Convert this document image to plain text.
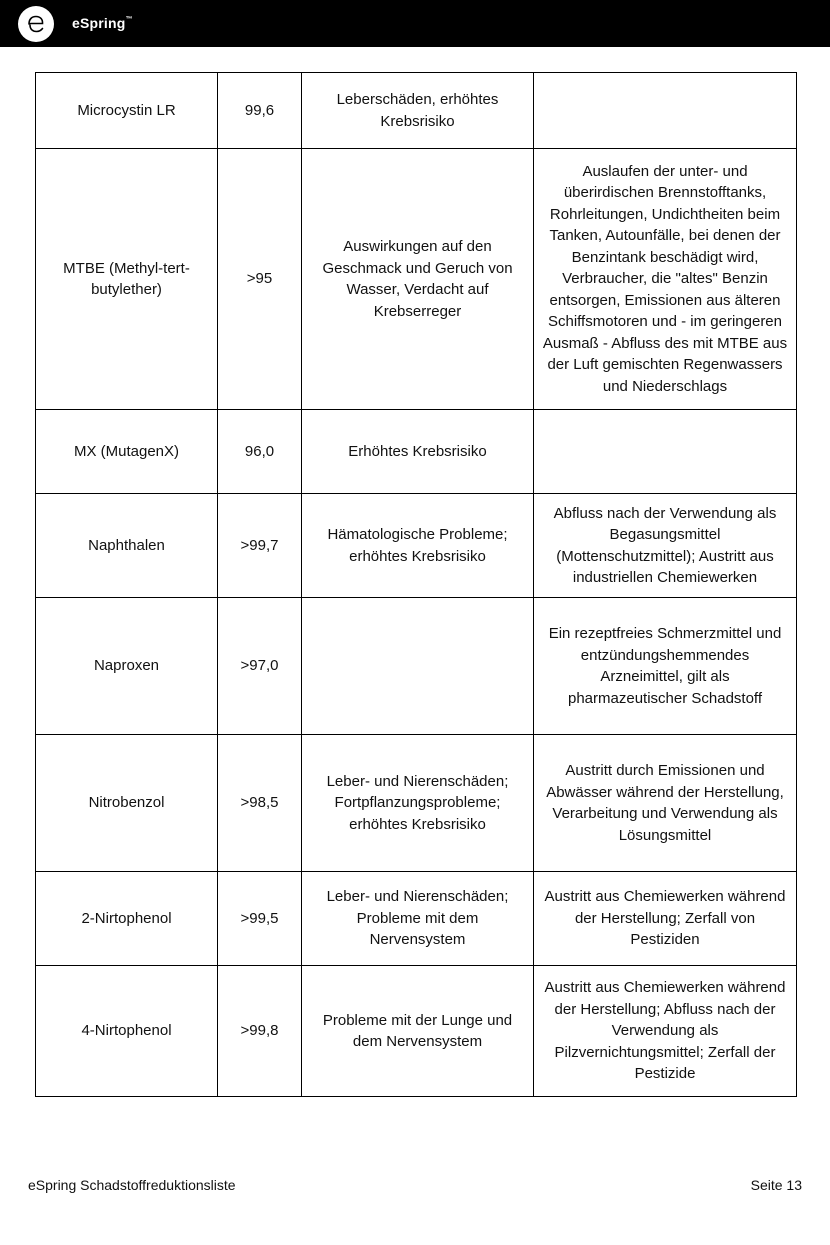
eSpring™
Microcystin LR	99,6	Leberschäden, erhöhtes Krebsrisiko	
MTBE (Methyl-tert-butylether)	>95	Auswirkungen auf den Geschmack und Geruch von Wasser, Verdacht auf Krebserreger	Auslaufen der unter- und überirdischen Brennstofftanks, Rohrleitungen, Undichtheiten beim Tanken, Autounfälle, bei denen der Benzintank beschädigt wird, Verbraucher, die "altes" Benzin entsorgen, Emissionen aus älteren Schiffsmotoren und - im geringeren Ausmaß - Abfluss des mit MTBE aus der Luft gemischten Regenwassers und Niederschlags
MX (MutagenX)	96,0	Erhöhtes Krebsrisiko	
Naphthalen	>99,7	Hämatologische Probleme; erhöhtes Krebsrisiko	Abfluss nach der Verwendung als Begasungsmittel (Mottenschutzmittel); Austritt aus industriellen Chemiewerken
Naproxen	>97,0		Ein rezeptfreies Schmerzmittel und entzündungshemmendes Arzneimittel, gilt als pharmazeutischer Schadstoff
Nitrobenzol	>98,5	Leber- und Nierenschäden; Fortpflanzungsprobleme; erhöhtes Krebsrisiko	Austritt durch Emissionen und Abwässer während der Herstellung, Verarbeitung und Verwendung als Lösungsmittel
2-Nirtophenol	>99,5	Leber- und Nierenschäden; Probleme mit dem Nervensystem	Austritt aus Chemiewerken während der Herstellung; Zerfall von Pestiziden
4-Nirtophenol	>99,8	Probleme mit der Lunge und dem Nervensystem	Austritt aus Chemiewerken während der Herstellung; Abfluss nach der Verwendung als Pilzvernichtungsmittel; Zerfall der Pestizide
eSpring Schadstoffreduktionsliste	Seite 13
